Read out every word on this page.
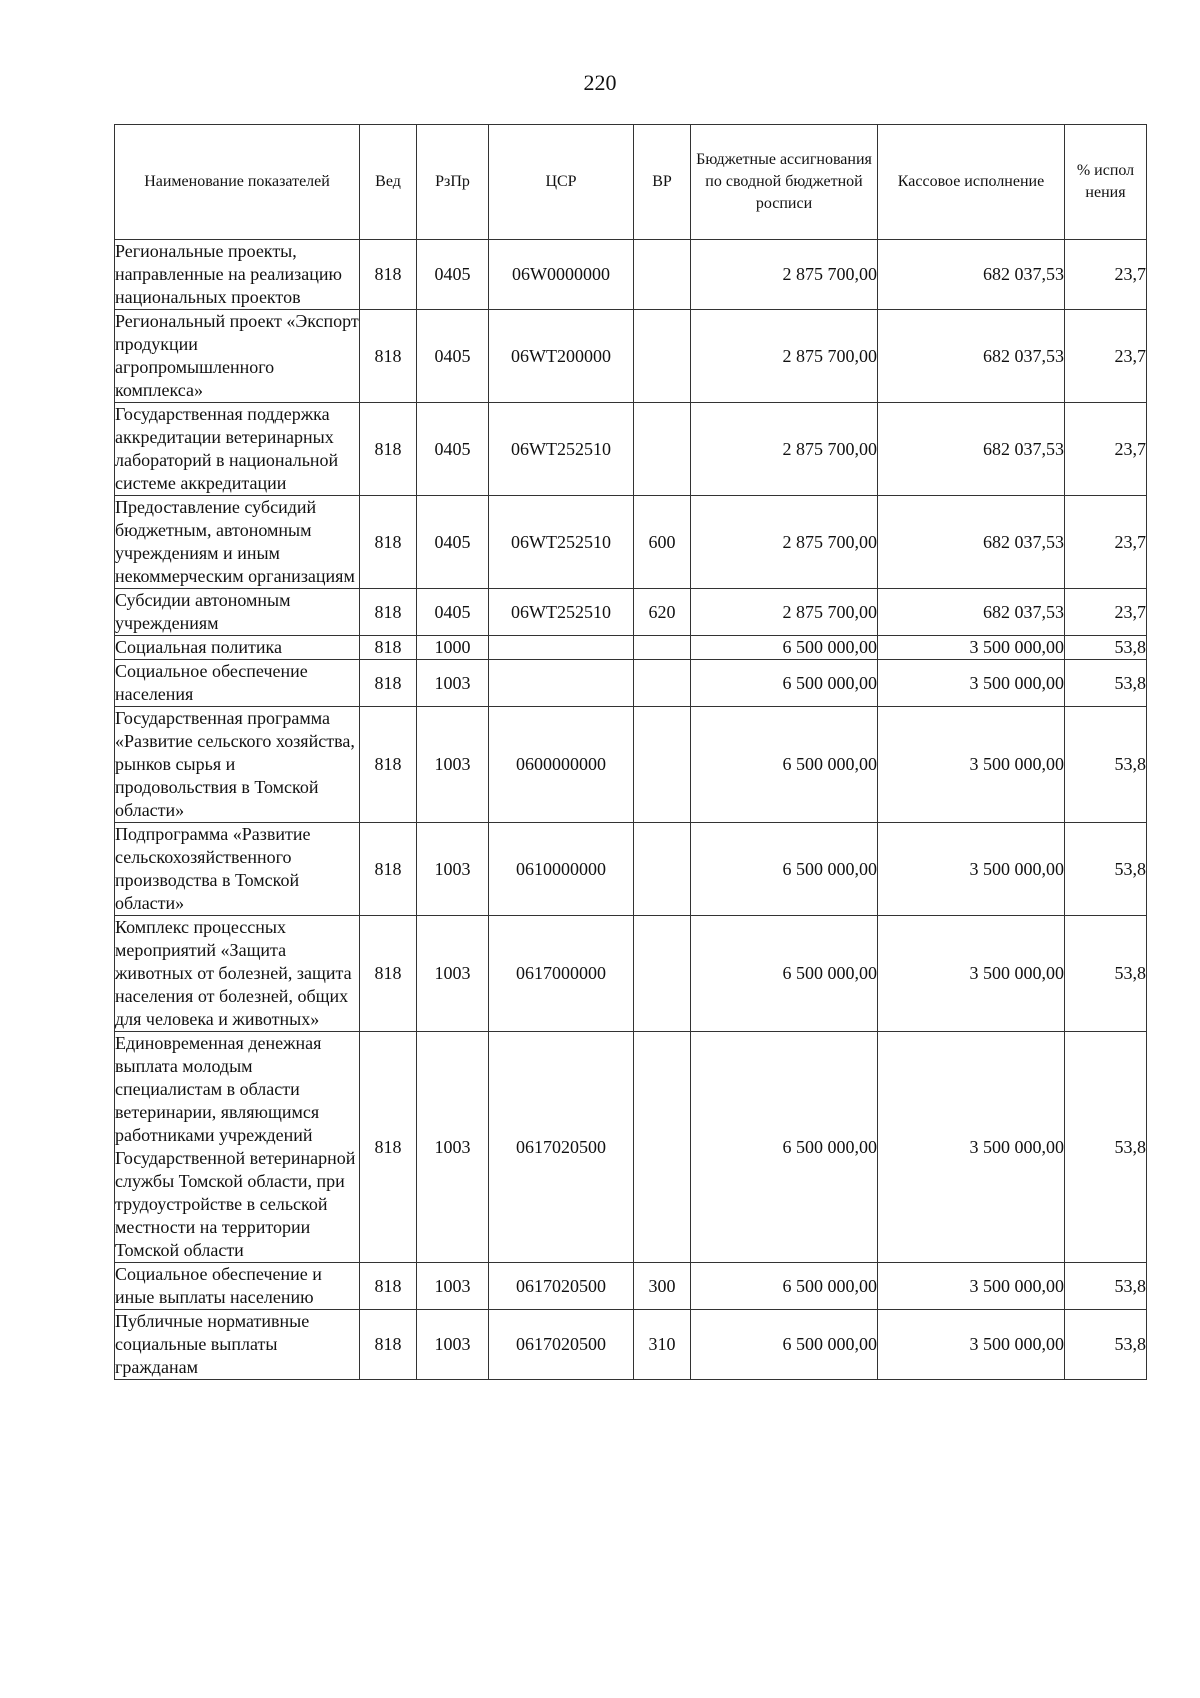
220
Наименование показателей	Вед	РзПр	ЦСР	ВР	Бюджетные ассигнования по сводной бюджетной росписи	Кассовое исполнение	% испол нения
Региональные проекты, направленные на реализацию национальных проектов	818	0405	06W0000000		2 875 700,00	682 037,53	23,7
Региональный проект «Экспорт продукции агропромышленного комплекса»	818	0405	06WT200000		2 875 700,00	682 037,53	23,7
Государственная поддержка аккредитации ветеринарных лабораторий в национальной системе аккредитации	818	0405	06WT252510		2 875 700,00	682 037,53	23,7
Предоставление субсидий бюджетным, автономным учреждениям и иным некоммерческим организациям	818	0405	06WT252510	600	2 875 700,00	682 037,53	23,7
Субсидии автономным учреждениям	818	0405	06WT252510	620	2 875 700,00	682 037,53	23,7
Социальная политика	818	1000			6 500 000,00	3 500 000,00	53,8
Социальное обеспечение населения	818	1003			6 500 000,00	3 500 000,00	53,8
Государственная программа «Развитие сельского хозяйства, рынков сырья и продовольствия в Томской области»	818	1003	0600000000		6 500 000,00	3 500 000,00	53,8
Подпрограмма «Развитие сельскохозяйственного производства в Томской области»	818	1003	0610000000		6 500 000,00	3 500 000,00	53,8
Комплекс процессных мероприятий «Защита животных от болезней, защита населения от болезней, общих для человека и животных»	818	1003	0617000000		6 500 000,00	3 500 000,00	53,8
Единовременная денежная выплата молодым специалистам в области ветеринарии, являющимся работниками учреждений Государственной ветеринарной службы Томской области, при трудоустройстве в сельской местности на территории Томской области	818	1003	0617020500		6 500 000,00	3 500 000,00	53,8
Социальное обеспечение и иные выплаты населению	818	1003	0617020500	300	6 500 000,00	3 500 000,00	53,8
Публичные нормативные социальные выплаты гражданам	818	1003	0617020500	310	6 500 000,00	3 500 000,00	53,8
